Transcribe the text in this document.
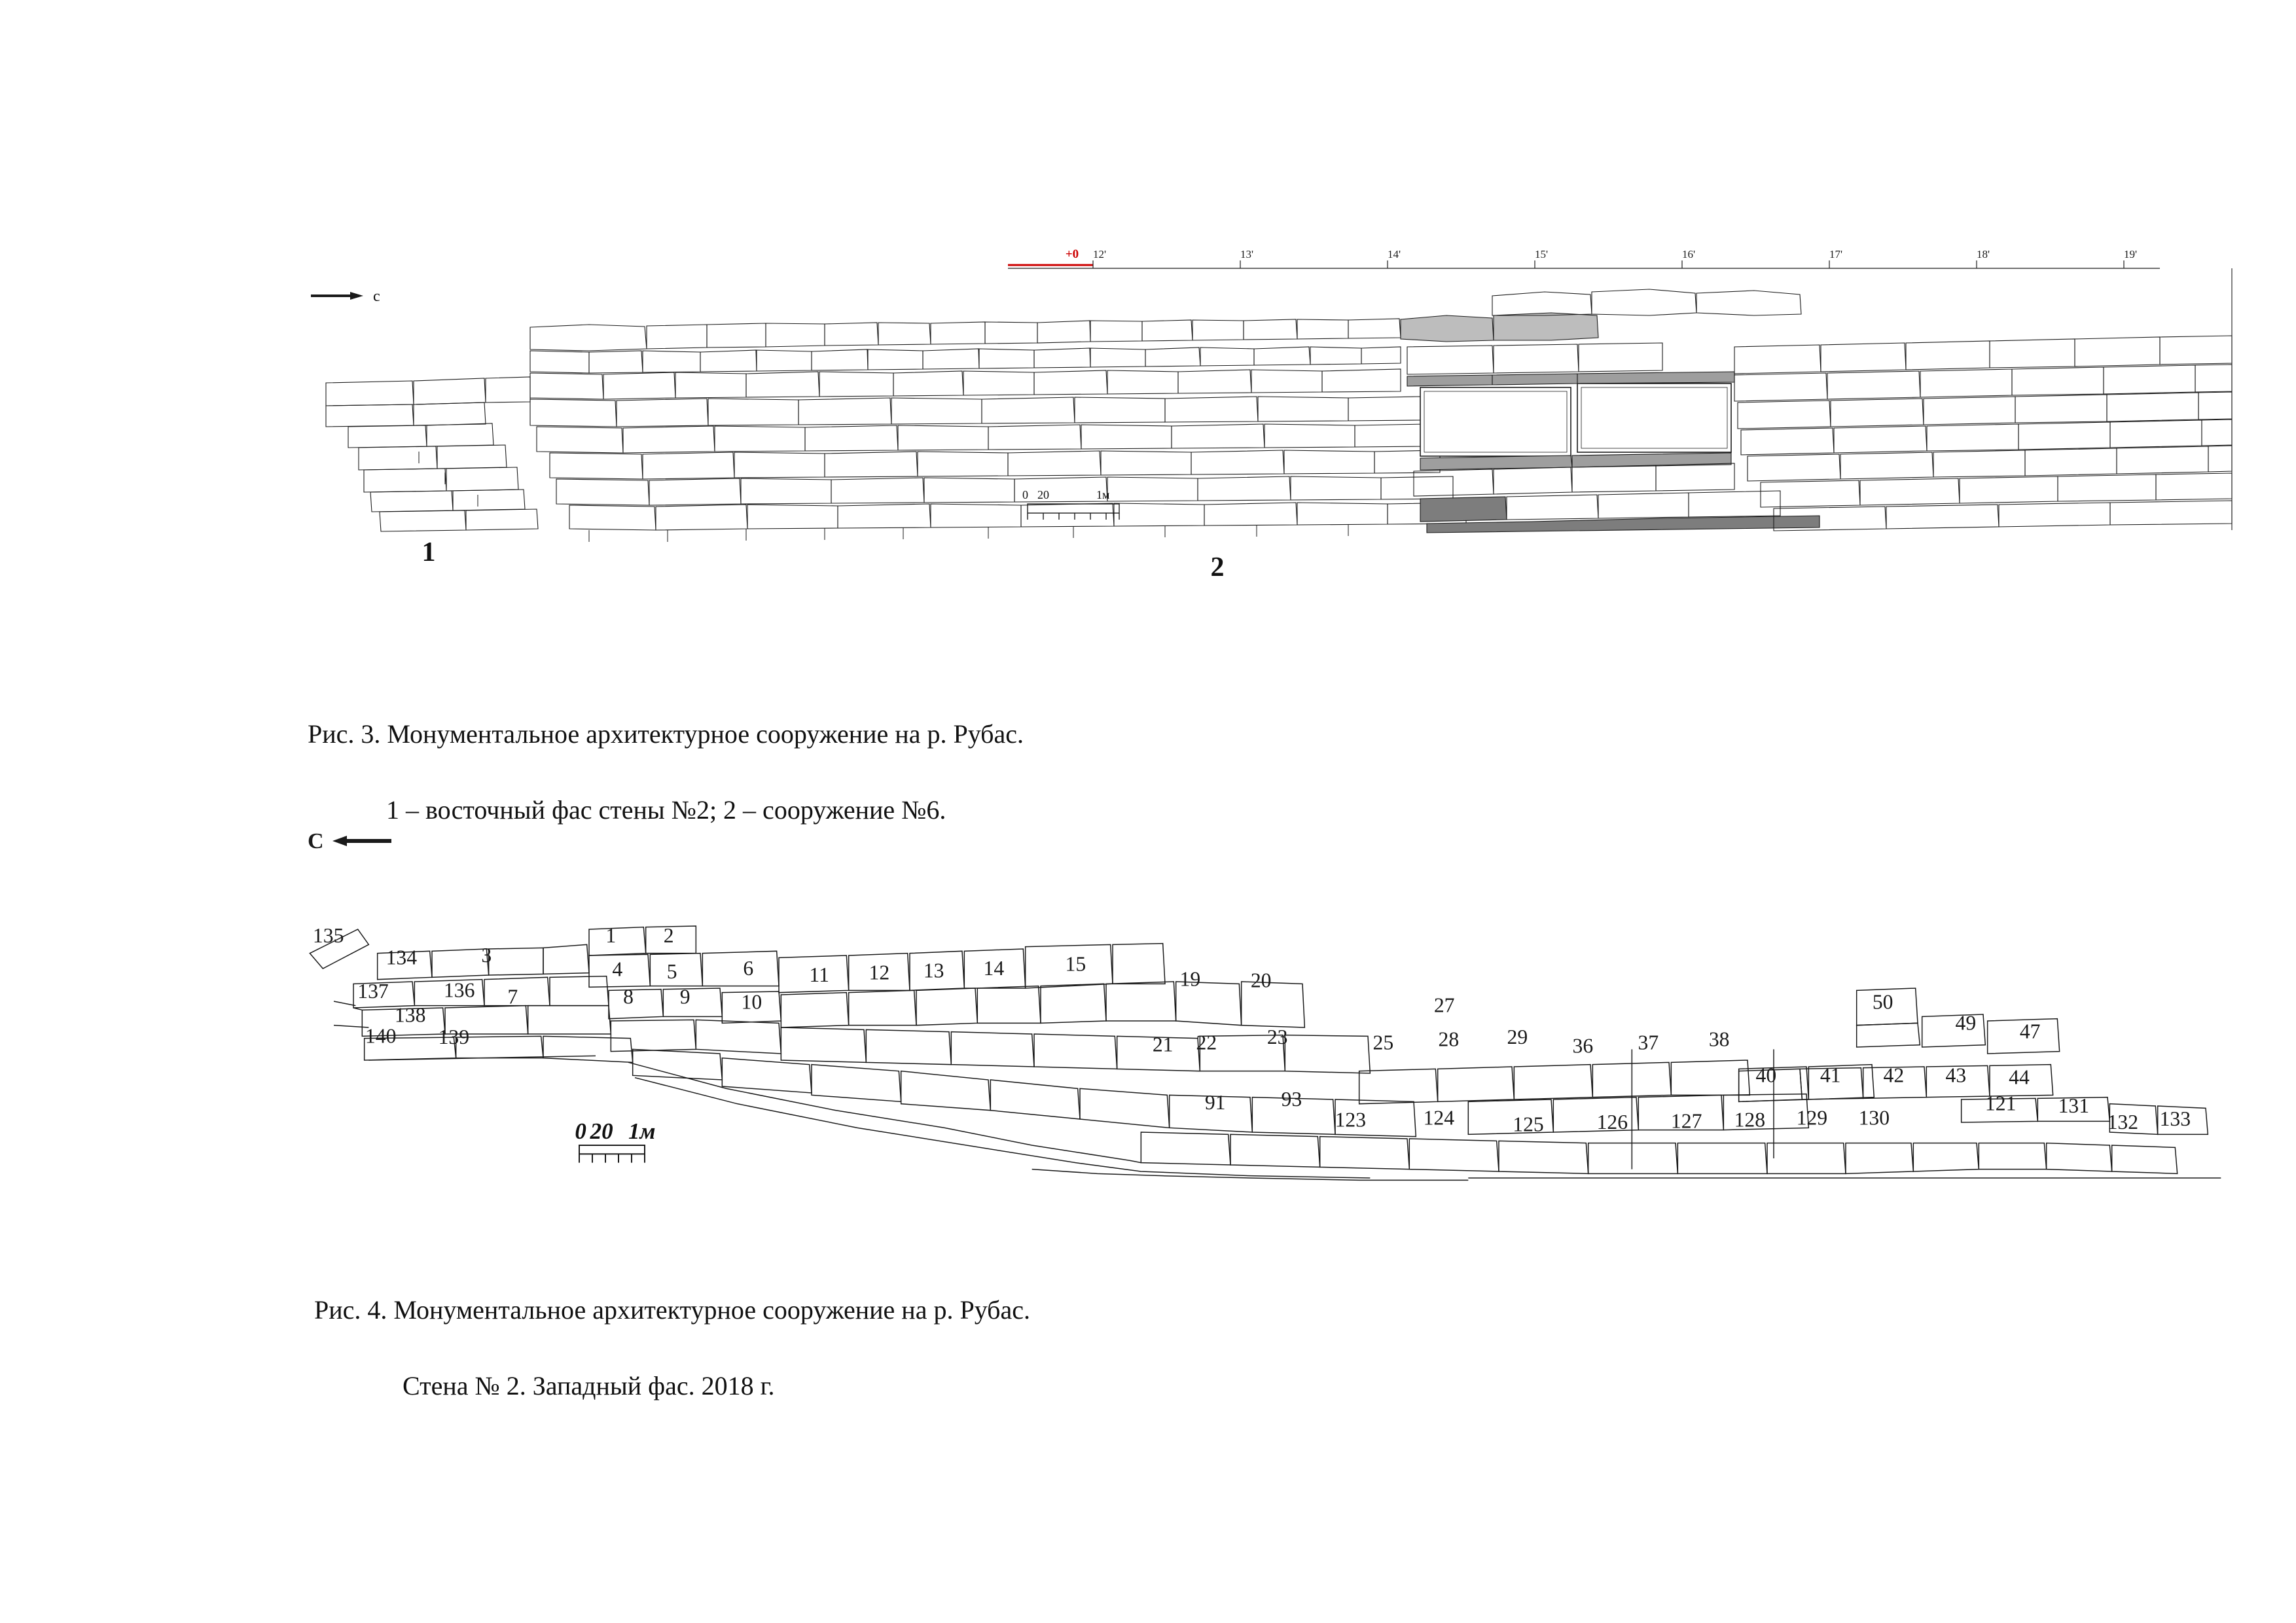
+0 12'	13'	14'	15'	16'	17'	18'	19'
с
1	2
0 20	1м

Рис. 3. Монументальное архитектурное сооружение на р. Рубас.

1 – восточный фас стены №2; 2 – сооружение №6.

С
0 20 1м
135
134	3
1	2
137	136	7
4	5	6
8	9	10
11	12	13	14	15
138
140	139
19	20
21 22	23	25
27
28	29	36	37	38
50
49	47
40	41	42	43	44
121	131
132 133
91	93
123	124	125	126	127	128	129	130

Рис. 4. Монументальное архитектурное сооружение на р. Рубас.

Стена № 2. Западный фас. 2018 г.
